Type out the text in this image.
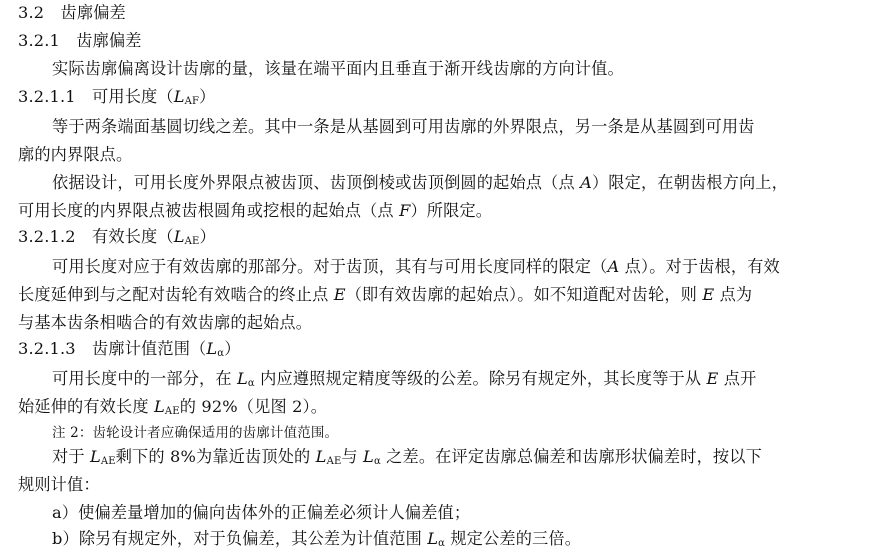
3.2　齿廓偏差
3.2.1　齿廓偏差
实际齿廓偏离设计齿廓的量，该量在端平面内且垂直于渐开线齿廓的方向计值。
3.2.1.1　可用长度$(L_{AF})$
等于两条端面基圆切线之差。其中一条是从基圆到可用齿廓的外界限点，另一条是从基圆到可用齿
廓的内界限点。
依据设计，可用长度外界限点被齿顶、齿顶倒棱或齿顶倒圆的起始点（点 A）限定，在朝齿根方向上，
可用长度的内界限点被齿根圆角或挖根的起始点（点 F）所限定。
3.2.1.2　有效长度$(L_{AE})$
可用长度对应于有效齿廓的那部分。对于齿顶，其有与可用长度同样的限定（A 点）。对于齿根，有效
长度延伸到与之配对齿轮有效啮合的终止点 E（即有效齿廓的起始点）。如不知道配对齿轮，则 E 点为
与基本齿条相啮合的有效齿廓的起始点。
3.2.1.3　齿廓计值范围$(L_\alpha)$
可用长度中的一部分，在 $L_\alpha$ 内应遵照规定精度等级的公差。除另有规定外，其长度等于从 E 点开
始延伸的有效长度 $L_{AE}$的 92%（见图 2）。
注 2：齿轮设计者应确保适用的齿廓计值范围。
对于 $L_{AE}$剩下的 8%为靠近齿顶处的 $L_{AE}$与 $L_\alpha$ 之差。在评定齿廓总偏差和齿廓形状偏差时，按以下
规则计值：
a）使偏差量增加的偏向齿体外的正偏差必须计人偏差值；
b）除另有规定外，对于负偏差，其公差为计值范围 $L_\alpha$ 规定公差的三倍。
